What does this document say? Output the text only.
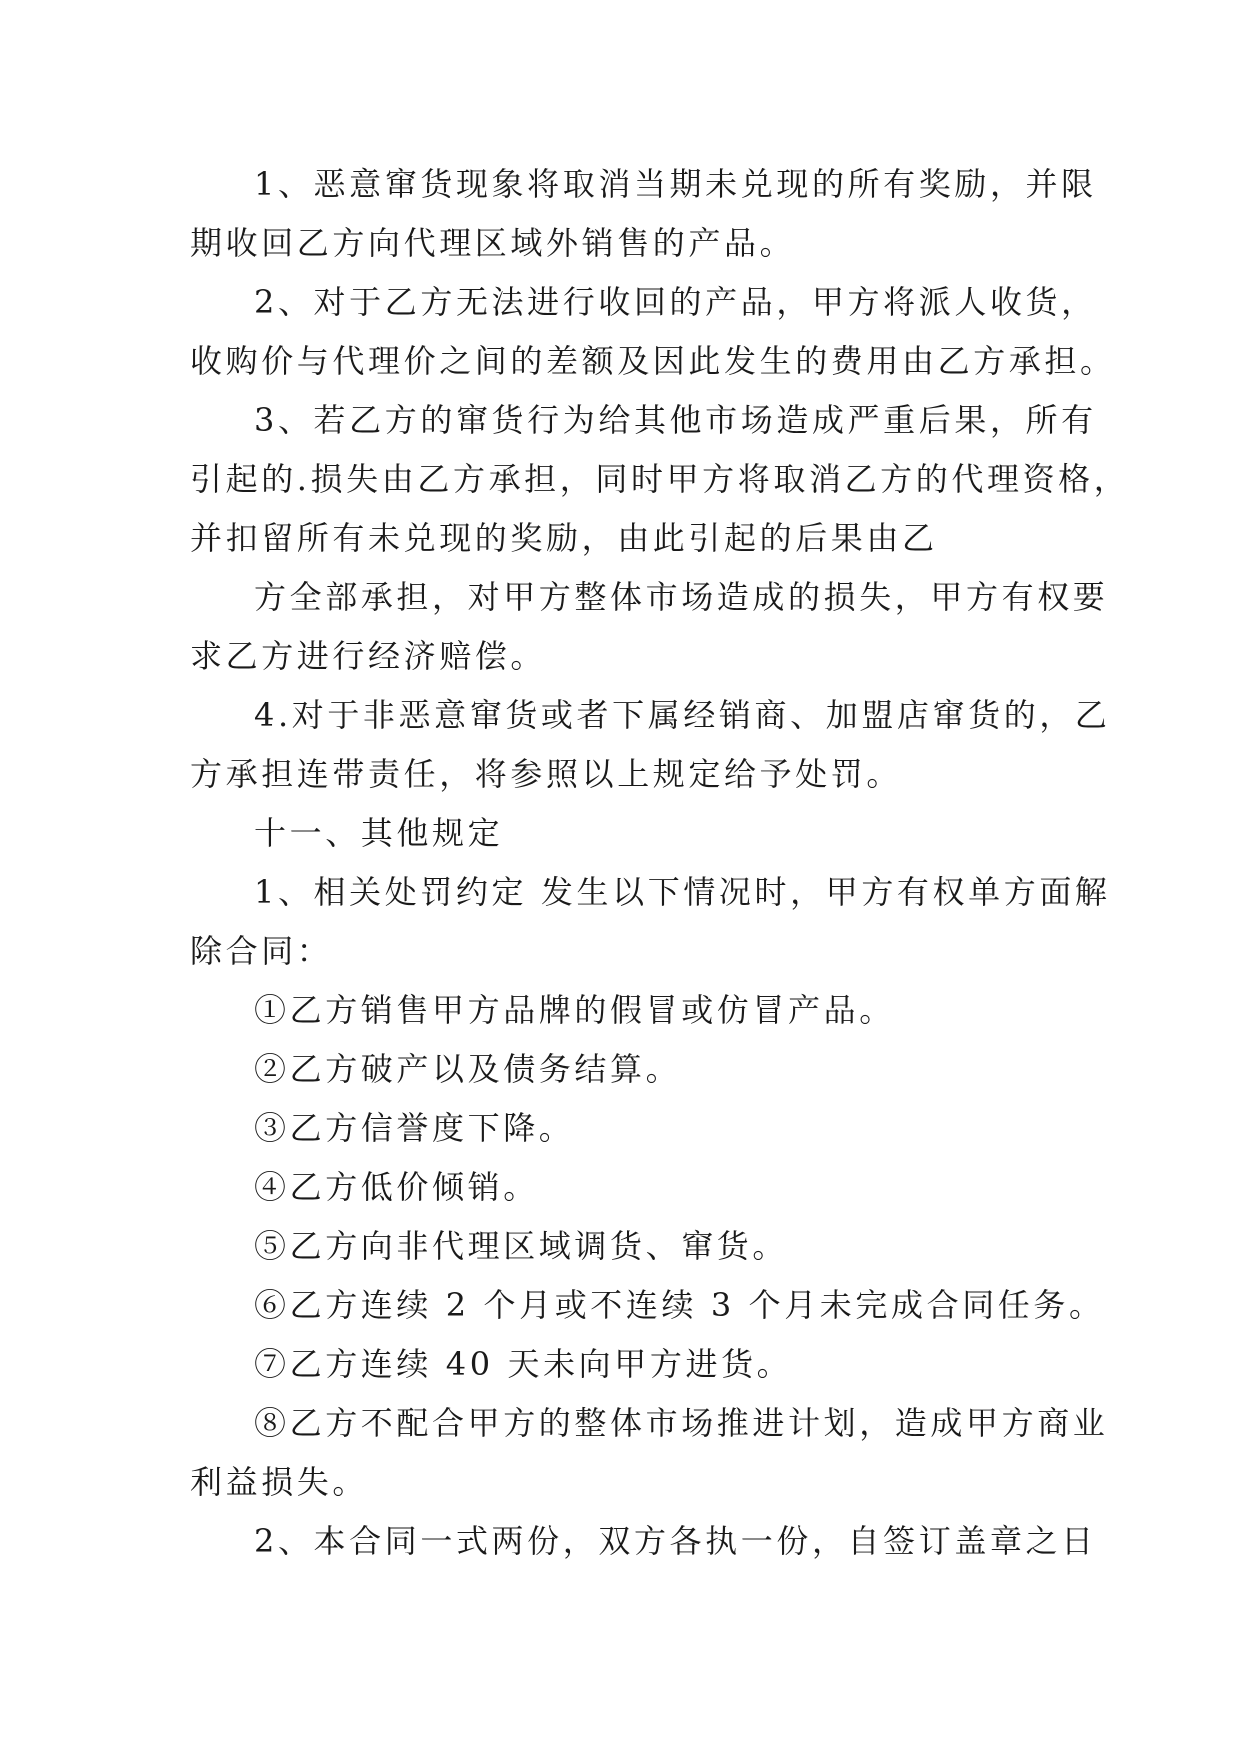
1、恶意窜货现象将取消当期未兑现的所有奖励，并限
期收回乙方向代理区域外销售的产品。
2、对于乙方无法进行收回的产品，甲方将派人收货，
收购价与代理价之间的差额及因此发生的费用由乙方承担。
3、若乙方的窜货行为给其他市场造成严重后果，所有
引起的.损失由乙方承担，同时甲方将取消乙方的代理资格，
并扣留所有未兑现的奖励，由此引起的后果由乙
方全部承担，对甲方整体市场造成的损失，甲方有权要
求乙方进行经济赔偿。
4.对于非恶意窜货或者下属经销商、加盟店窜货的，乙
方承担连带责任，将参照以上规定给予处罚。
十一、其他规定
1、相关处罚约定 发生以下情况时，甲方有权单方面解
除合同：
①乙方销售甲方品牌的假冒或仿冒产品。
②乙方破产以及债务结算。
③乙方信誉度下降。
④乙方低价倾销。
⑤乙方向非代理区域调货、窜货。
⑥乙方连续 2 个月或不连续 3 个月未完成合同任务。
⑦乙方连续 40 天未向甲方进货。
⑧乙方不配合甲方的整体市场推进计划，造成甲方商业
利益损失。
2、本合同一式两份，双方各执一份，自签订盖章之日
